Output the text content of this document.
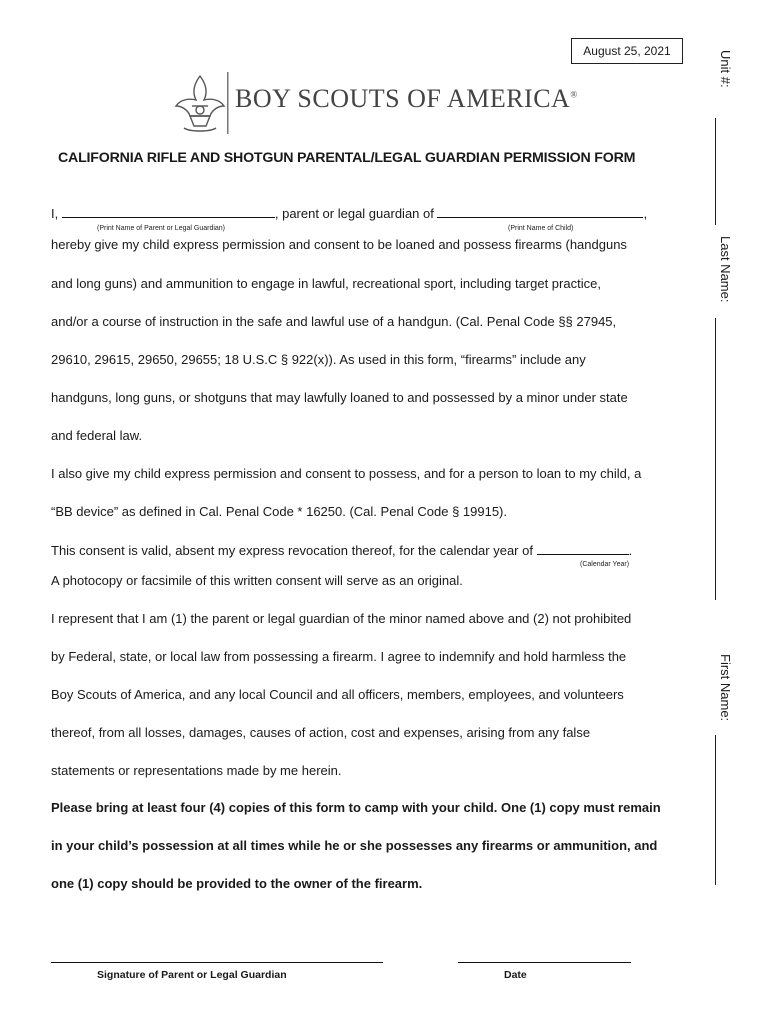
August 25, 2021
BOY SCOUTS OF AMERICA®
CALIFORNIA RIFLE AND SHOTGUN PARENTAL/LEGAL GUARDIAN PERMISSION FORM
I,	, parent or legal guardian of	,
(Print Name of Parent or Legal Guardian)	(Print Name of Child)
hereby give my child express permission and consent to be loaned and possess firearms (handguns
and long guns) and ammunition to engage in lawful, recreational sport, including target practice,
and/or a course of instruction in the safe and lawful use of a handgun. (Cal. Penal Code §§ 27945,
29610, 29615, 29650, 29655; 18 U.S.C § 922(x)). As used in this form, “firearms” include any
handguns, long guns, or shotguns that may lawfully loaned to and possessed by a minor under state
and federal law.
I also give my child express permission and consent to possess, and for a person to loan to my child, a
“BB device” as defined in Cal. Penal Code * 16250. (Cal. Penal Code § 19915).
This consent is valid, absent my express revocation thereof, for the calendar year of	.
(Calendar Year)
A photocopy or facsimile of this written consent will serve as an original.
I represent that I am (1) the parent or legal guardian of the minor named above and (2) not prohibited
by Federal, state, or local law from possessing a firearm. I agree to indemnify and hold harmless the
Boy Scouts of America, and any local Council and all officers, members, employees, and volunteers
thereof, from all losses, damages, causes of action, cost and expenses, arising from any false
statements or representations made by me herein.
Please bring at least four (4) copies of this form to camp with your child. One (1) copy must remain
in your child’s possession at all times while he or she possesses any firearms or ammunition, and
one (1) copy should be provided to the owner of the firearm.
Signature of Parent or Legal Guardian	Date
Unit #:
Last Name:
First Name:
